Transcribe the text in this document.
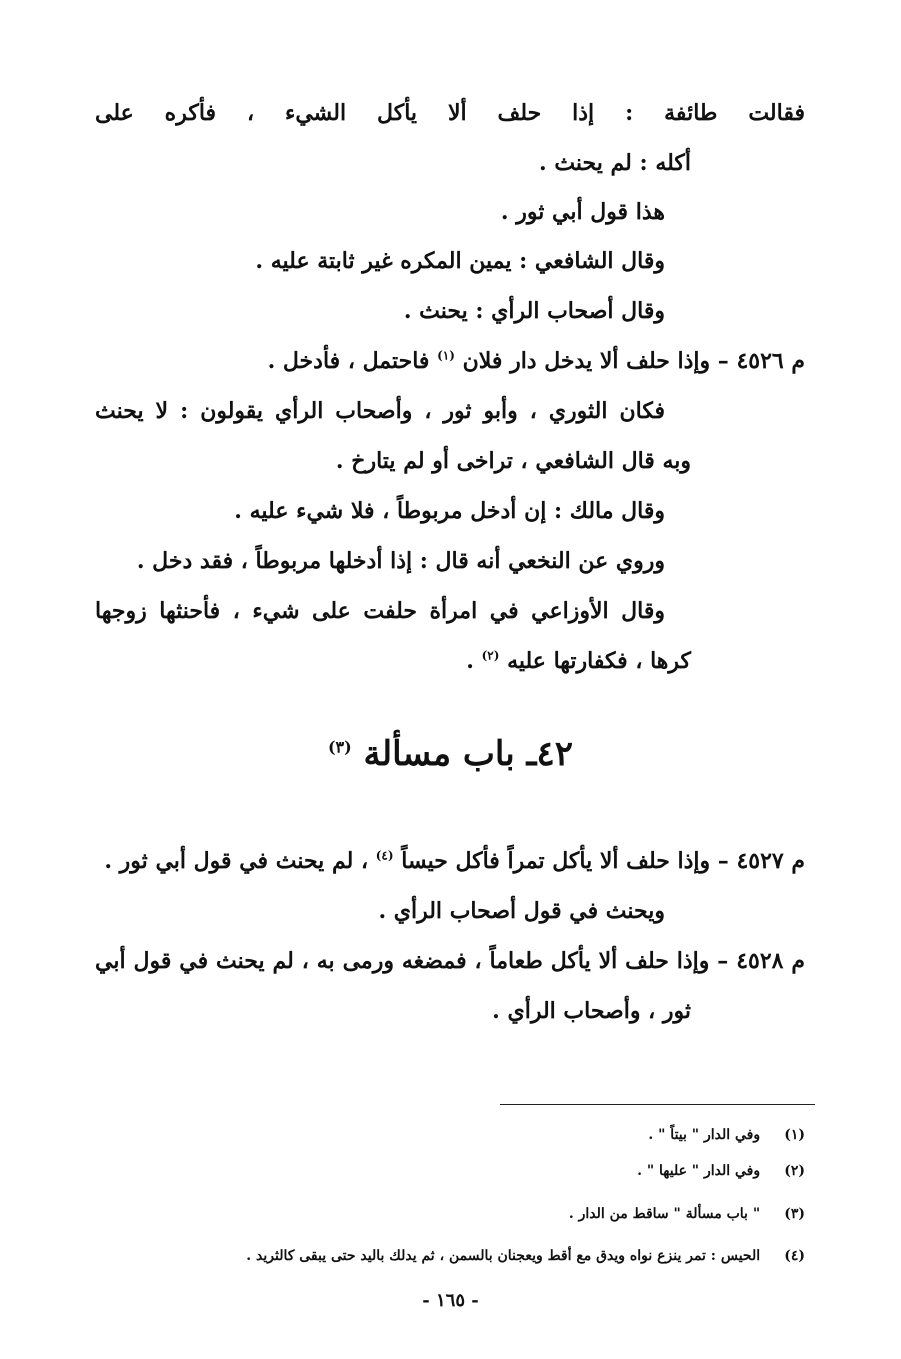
فقالت طائفة : إذا حلف ألا يأكل الشيء ، فأكره على
أكله : لم يحنث .
هذا قول أبي ثور .
وقال الشافعي : يمين المكره غير ثابتة عليه .
وقال أصحاب الرأي : يحنث .
م ٤٥٢٦ – وإذا حلف ألا يدخل دار فلان $^{(١)}$ فاحتمل ، فأدخل .
فكان الثوري ، وأبو ثور ، وأصحاب الرأي يقولون : لا يحنث
وبه قال الشافعي ، تراخى أو لم يتارخ .
وقال مالك : إن أدخل مربوطاً ، فلا شيء عليه .
وروي عن النخعي أنه قال : إذا أدخلها مربوطاً ، فقد دخل .
وقال الأوزاعي في امرأة حلفت على شيء ، فأحنثها زوجها
كرها ، فكفارتها عليه $^{(٢)}$ .
٤٢ـ باب مسألة $^{(٣)}$
م ٤٥٢٧ – وإذا حلف ألا يأكل تمراً فأكل حيساً $^{(٤)}$ ، لم يحنث في قول أبي ثور .
ويحنث في قول أصحاب الرأي .
م ٤٥٢٨ – وإذا حلف ألا يأكل طعاماً ، فمضغه ورمى به ، لم يحنث في قول أبي
ثور ، وأصحاب الرأي .
(١) وفي الدار " بيتاً " .
(٢) وفي الدار " عليها " .
(٣) " باب مسألة " ساقط من الدار .
(٤) الحيس : تمر ينزع نواه ويدق مع أقط ويعجنان بالسمن ، ثم يدلك باليد حتى يبقى كالثريد .
- ١٦٥ -
